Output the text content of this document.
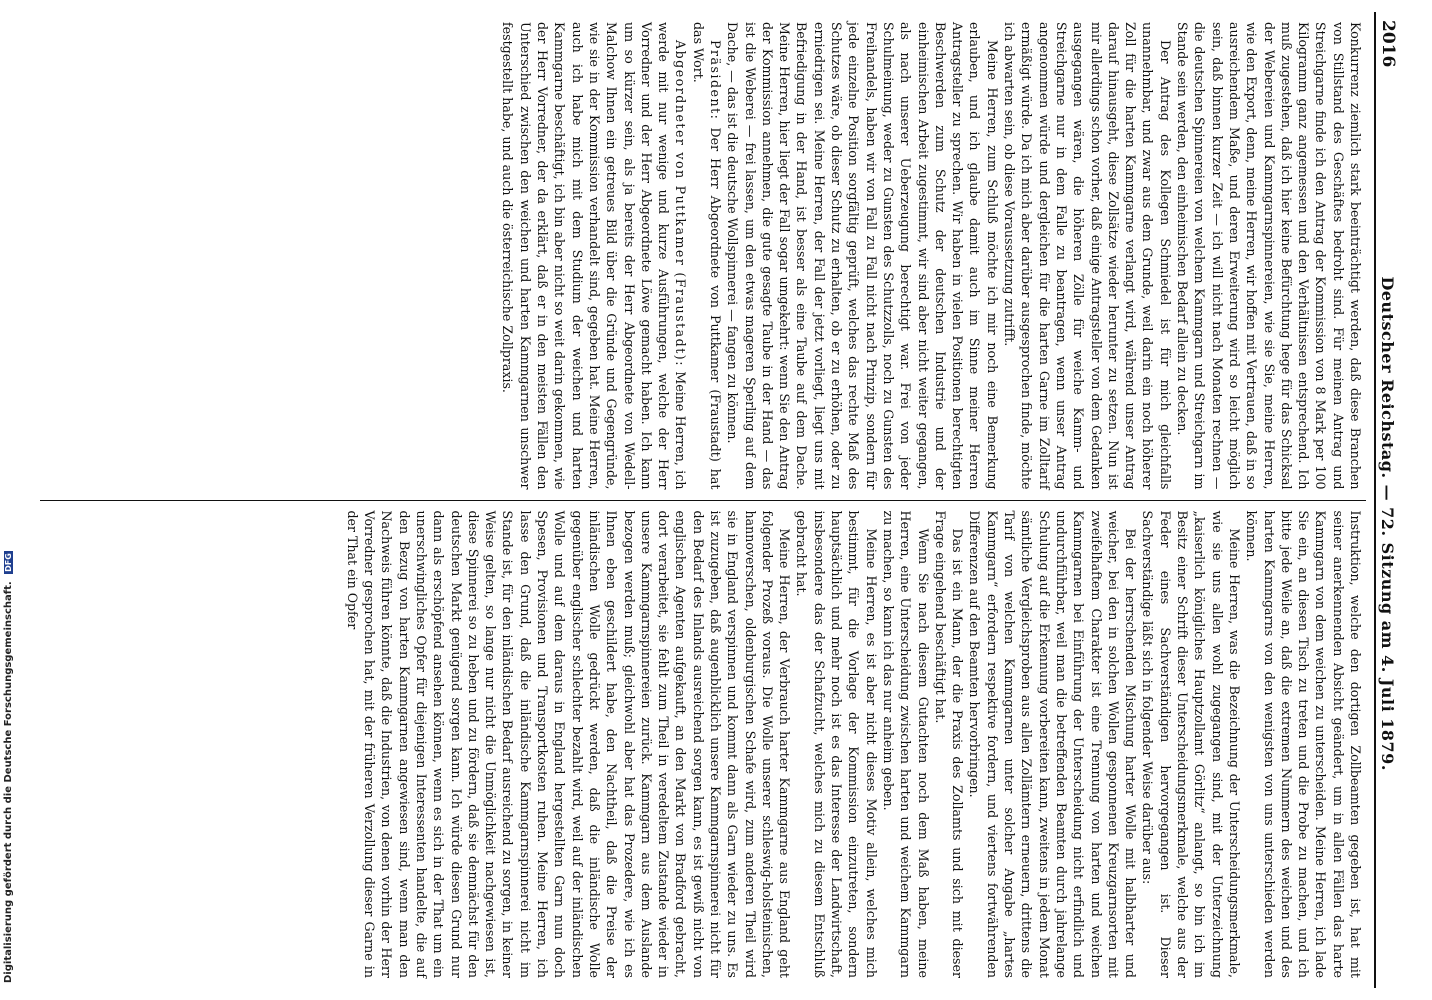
2016
Deutscher Reichstag. — 72. Sitzung am 4. Juli 1879.

Konkurrenz ziemlich stark beeinträchtigt werden, daß diese Branchen von Stillstand des Geschäftes bedroht sind. Für meinen Antrag und Streichgarne finde ich den Antrag der Kommission von 8 Mark per 100 Kilogramm ganz angemessen und den Verhältnissen entsprechend. Ich muß zugestehen, daß ich hier keine Befürchtung hege für das Schicksal der Webereien und Kammgarnspinnereien, wie sie Sie, meine Herren, wie den Export, denn, meine Herren, wir hoffen mit Vertrauen, daß in so ausreichendem Maße, und deren Erweiterung wird so leicht möglich sein, daß binnen kurzer Zeit — ich will nicht nach Monaten rechnen — die deutschen Spinnereien von welchem Kammgarn und Streichgarn im Stande sein werden, den einheimischen Bedarf allein zu decken.

Der Antrag des Kollegen Schmiedel ist für mich gleichfalls unannehmbar, und zwar aus dem Grunde, weil darin ein noch höherer Zoll für die harten Kammgarne verlangt wird, während unser Antrag darauf hinausgeht, diese Zollsätze wieder herunter zu setzen. Nun ist mir allerdings schon vorher, daß einige Antragsteller von dem Gedanken ausgegangen wären, die höheren Zölle für weiche Kamm- und Streichgarne nur in dem Falle zu beantragen, wenn unser Antrag angenommen würde und dergleichen für die harten Garne im Zolltarif ermäßigt würde. Da ich mich aber darüber ausgesprochen finde, möchte ich abwarten sein, ob diese Voraussetzung zutrifft.

Meine Herren, zum Schluß möchte ich mir noch eine Bemerkung erlauben, und ich glaube damit auch im Sinne meiner Herren Antragsteller zu sprechen. Wir haben in vielen Positionen berechtigten Beschwerden zum Schutz der deutschen Industrie und der einheimischen Arbeit zugestimmt, wir sind aber nicht weiter gegangen, als nach unserer Ueberzeugung berechtigt war. Frei von jeder Schulmeinung, weder zu Gunsten des Schutzzolls, noch zu Gunsten des Freihandels, haben wir von Fall zu Fall nicht nach Prinzip, sondern für jede einzelne Position sorgfältig geprüft, welches das rechte Maß des Schutzes wäre, ob dieser Schutz zu erhalten, ob er zu erhöhen, oder zu erniedrigen sei. Meine Herren, der Fall der jetzt vorliegt, liegt uns mit Befriedigung in der Hand, ist besser als eine Taube auf dem Dache. Meine Herren, hier liegt der Fall sogar umgekehrt: wenn Sie den Antrag der Kommission annehmen, die gute gesagte Taube in der Hand — das ist die Weberei — frei lassen, um den etwas mageren Sperling auf dem Dache, — das ist die deutsche Wollspinnerei — fangen zu können.

Präsident: Der Herr Abgeordnete von Puttkamer (Fraustadt) hat das Wort.

Abgeordneter von Puttkamer (Fraustadt): Meine Herren, ich werde mit nur wenige und kurze Ausführungen, welche der Herr Vorredner und der Herr Abgeordnete Löwe gemacht haben. Ich kann um so kürzer sein, als ja bereits der Herr Abgeordnete von Wedell-Malchow Ihnen ein getreues Bild über die Gründe und Gegengründe, wie sie in der Kommission verhandelt sind, gegeben hat. Meine Herren, auch ich habe mich mit dem Studium der weichen und harten Kammgarne beschäftigt, ich bin aber nicht so weit darin gekommen, wie der Herr Vorredner, der da erklärt, daß er in den meisten Fällen den Unterschied zwischen den weichen und harten Kammgarnen unschwer festgestellt habe, und auch die österreichische Zollpraxis.

Instruktion, welche den dortigen Zollbeamten gegeben ist, hat mit seiner anerkennenden Absicht geändert, um in allen Fällen das harte Kammgarn von dem weichen zu unterscheiden. Meine Herren, ich lade Sie ein, an diesen Tisch zu treten und die Probe zu machen, und ich bitte jede Weile an, daß die extremen Nummern des weichen und des harten Kammgarns von den wenigsten von uns unterschieden werden können.

Meine Herren, was die Bezeichnung der Unterscheidungsmerkmale, wie sie uns allen wohl zugegangen sind, mit der Unterzeichnung „kaiserlich königliches Hauptzollamt Görlitz“ anlangt, so bin ich im Besitz einer Schrift dieser Unterscheidungsmerkmale, welche aus der Feder eines Sachverständigen hervorgegangen ist. Dieser Sachverständige läßt sich in folgender Weise darüber aus:

Bei der herrschenden Mischung harter Wolle mit halbharter und weicher, bei den in solchen Wollen gesponnenen Kreuzgarnsorten mit zweifelhaftem Charakter ist eine Trennung von harten und weichen Kammgarnen bei Einführung der Unterscheidung nicht erfindlich und undurchführbar, weil man die betreffenden Beamten durch jahrelange Schulung auf die Erkennung vorbereiten kann, zweitens in jedem Monat sämtliche Vergleichsproben aus allen Zollämtern erneuern, drittens die Tarif von welchen Kammgarnen unter solcher Angabe „hartes Kammgarn“ erfordern respektive fordern, und viertens fortwährenden Differenzen auf den Beamten hervorbringen.

Das ist ein Mann, der die Praxis des Zollamts und sich mit dieser Frage eingehend beschäftigt hat.

Wenn Sie nach diesem Gutachten noch dem Maß haben, meine Herren, eine Unterscheidung zwischen harten und weichem Kammgarn zu machen, so kann ich das nur anheim geben.

Meine Herren, es ist aber nicht dieses Motiv allein, welches mich bestimmt, für die Vorlage der Kommission einzutreten, sondern hauptsächlich und mehr noch ist es das Interesse der Landwirtschaft, insbesondere das der Schafzucht, welches mich zu diesem Entschluß gebracht hat.

Meine Herren, der Verbrauch harter Kammgarne aus England geht folgender Prozeß voraus. Die Wolle unserer schleswig-holsteinischen, hannoverschen, oldenburgischen Schafe wird, zum anderen Theil wird sie in England verspinnen und kommt dann als Garn wieder zu uns. Es ist zuzugeben, daß augenblicklich unsere Kammgarnspinnerei nicht für den Bedarf des Inlands ausreichend sorgen kann, es ist gewiß nicht von englischen Agenten aufgekauft, an den Markt von Bradford gebracht, dort verarbeitet, sie fehlt zum Theil in veredeltem Zustande wieder in unsere Kammgarnspinnereien zurück. Kammgarn aus dem Auslande bezogen werden muß; gleichwohl aber hat das Prozedere, wie ich es Ihnen eben geschildert habe, den Nachtheil, daß die Preise der inländischen Wolle gedrückt werden, daß die inländische Wolle gegenüber englischer schlechter bezahlt wird, weil auf der inländischen Wolle und auf dem daraus in England hergestellten Garn nun doch Spesen, Provisionen und Transportkosten ruhen. Meine Herren, ich lasse den Grund, daß die inländische Kammgarnspinnerei nicht im Stande ist, für den inländischen Bedarf ausreichend zu sorgen, in keiner Weise gelten, so lange nur nicht die Unmöglichkeit nachgewiesen ist, diese Spinnerei so zu heben und zu fördern, daß sie demnächst für den deutschen Markt genügend sorgen kann. Ich würde diesen Grund nur dann als erschöpfend ansehen können, wenn es sich in der That um ein unerschwingliches Opfer für diejenigen Interessenten handelte, die auf den Bezug von harten Kammgarnen angewiesen sind, wenn man den Nachweis führen könnte, daß die Industrien, von denen vorhin der Herr Vorredner gesprochen hat, mit der früheren Verzollung dieser Garne in der That ein Opfer

Digitalisierung gefördert durch die Deutsche Forschungsgemeinschaft. DFG
